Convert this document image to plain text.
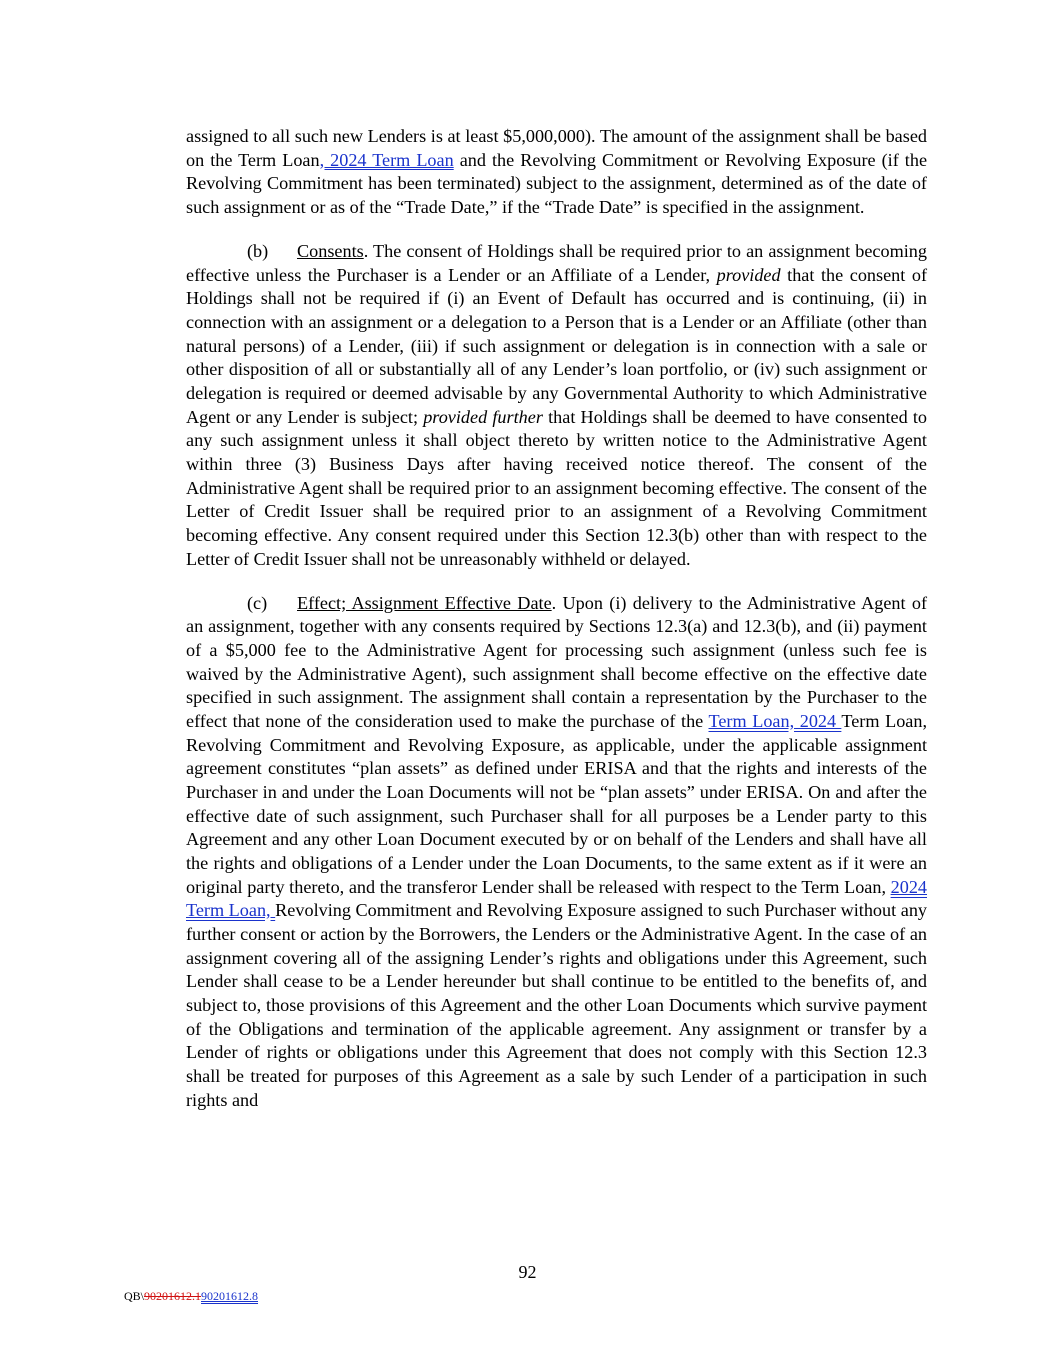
assigned to all such new Lenders is at least $5,000,000). The amount of the assignment shall be based on the Term Loan, 2024 Term Loan and the Revolving Commitment or Revolving Exposure (if the Revolving Commitment has been terminated) subject to the assignment, determined as of the date of such assignment or as of the “Trade Date,” if the “Trade Date” is specified in the assignment.

(b) Consents. The consent of Holdings shall be required prior to an assignment becoming effective unless the Purchaser is a Lender or an Affiliate of a Lender, provided that the consent of Holdings shall not be required if (i) an Event of Default has occurred and is continuing, (ii) in connection with an assignment or a delegation to a Person that is a Lender or an Affiliate (other than natural persons) of a Lender, (iii) if such assignment or delegation is in connection with a sale or other disposition of all or substantially all of any Lender’s loan portfolio, or (iv) such assignment or delegation is required or deemed advisable by any Governmental Authority to which Administrative Agent or any Lender is subject; provided further that Holdings shall be deemed to have consented to any such assignment unless it shall object thereto by written notice to the Administrative Agent within three (3) Business Days after having received notice thereof. The consent of the Administrative Agent shall be required prior to an assignment becoming effective. The consent of the Letter of Credit Issuer shall be required prior to an assignment of a Revolving Commitment becoming effective. Any consent required under this Section 12.3(b) other than with respect to the Letter of Credit Issuer shall not be unreasonably withheld or delayed.

(c) Effect; Assignment Effective Date. Upon (i) delivery to the Administrative Agent of an assignment, together with any consents required by Sections 12.3(a) and 12.3(b), and (ii) payment of a $5,000 fee to the Administrative Agent for processing such assignment (unless such fee is waived by the Administrative Agent), such assignment shall become effective on the effective date specified in such assignment. The assignment shall contain a representation by the Purchaser to the effect that none of the consideration used to make the purchase of the Term Loan, 2024 Term Loan, Revolving Commitment and Revolving Exposure, as applicable, under the applicable assignment agreement constitutes “plan assets” as defined under ERISA and that the rights and interests of the Purchaser in and under the Loan Documents will not be “plan assets” under ERISA. On and after the effective date of such assignment, such Purchaser shall for all purposes be a Lender party to this Agreement and any other Loan Document executed by or on behalf of the Lenders and shall have all the rights and obligations of a Lender under the Loan Documents, to the same extent as if it were an original party thereto, and the transferor Lender shall be released with respect to the Term Loan, 2024 Term Loan, Revolving Commitment and Revolving Exposure assigned to such Purchaser without any further consent or action by the Borrowers, the Lenders or the Administrative Agent. In the case of an assignment covering all of the assigning Lender’s rights and obligations under this Agreement, such Lender shall cease to be a Lender hereunder but shall continue to be entitled to the benefits of, and subject to, those provisions of this Agreement and the other Loan Documents which survive payment of the Obligations and termination of the applicable agreement. Any assignment or transfer by a Lender of rights or obligations under this Agreement that does not comply with this Section 12.3 shall be treated for purposes of this Agreement as a sale by such Lender of a participation in such rights and

92
QB\90201612.190201612.8
